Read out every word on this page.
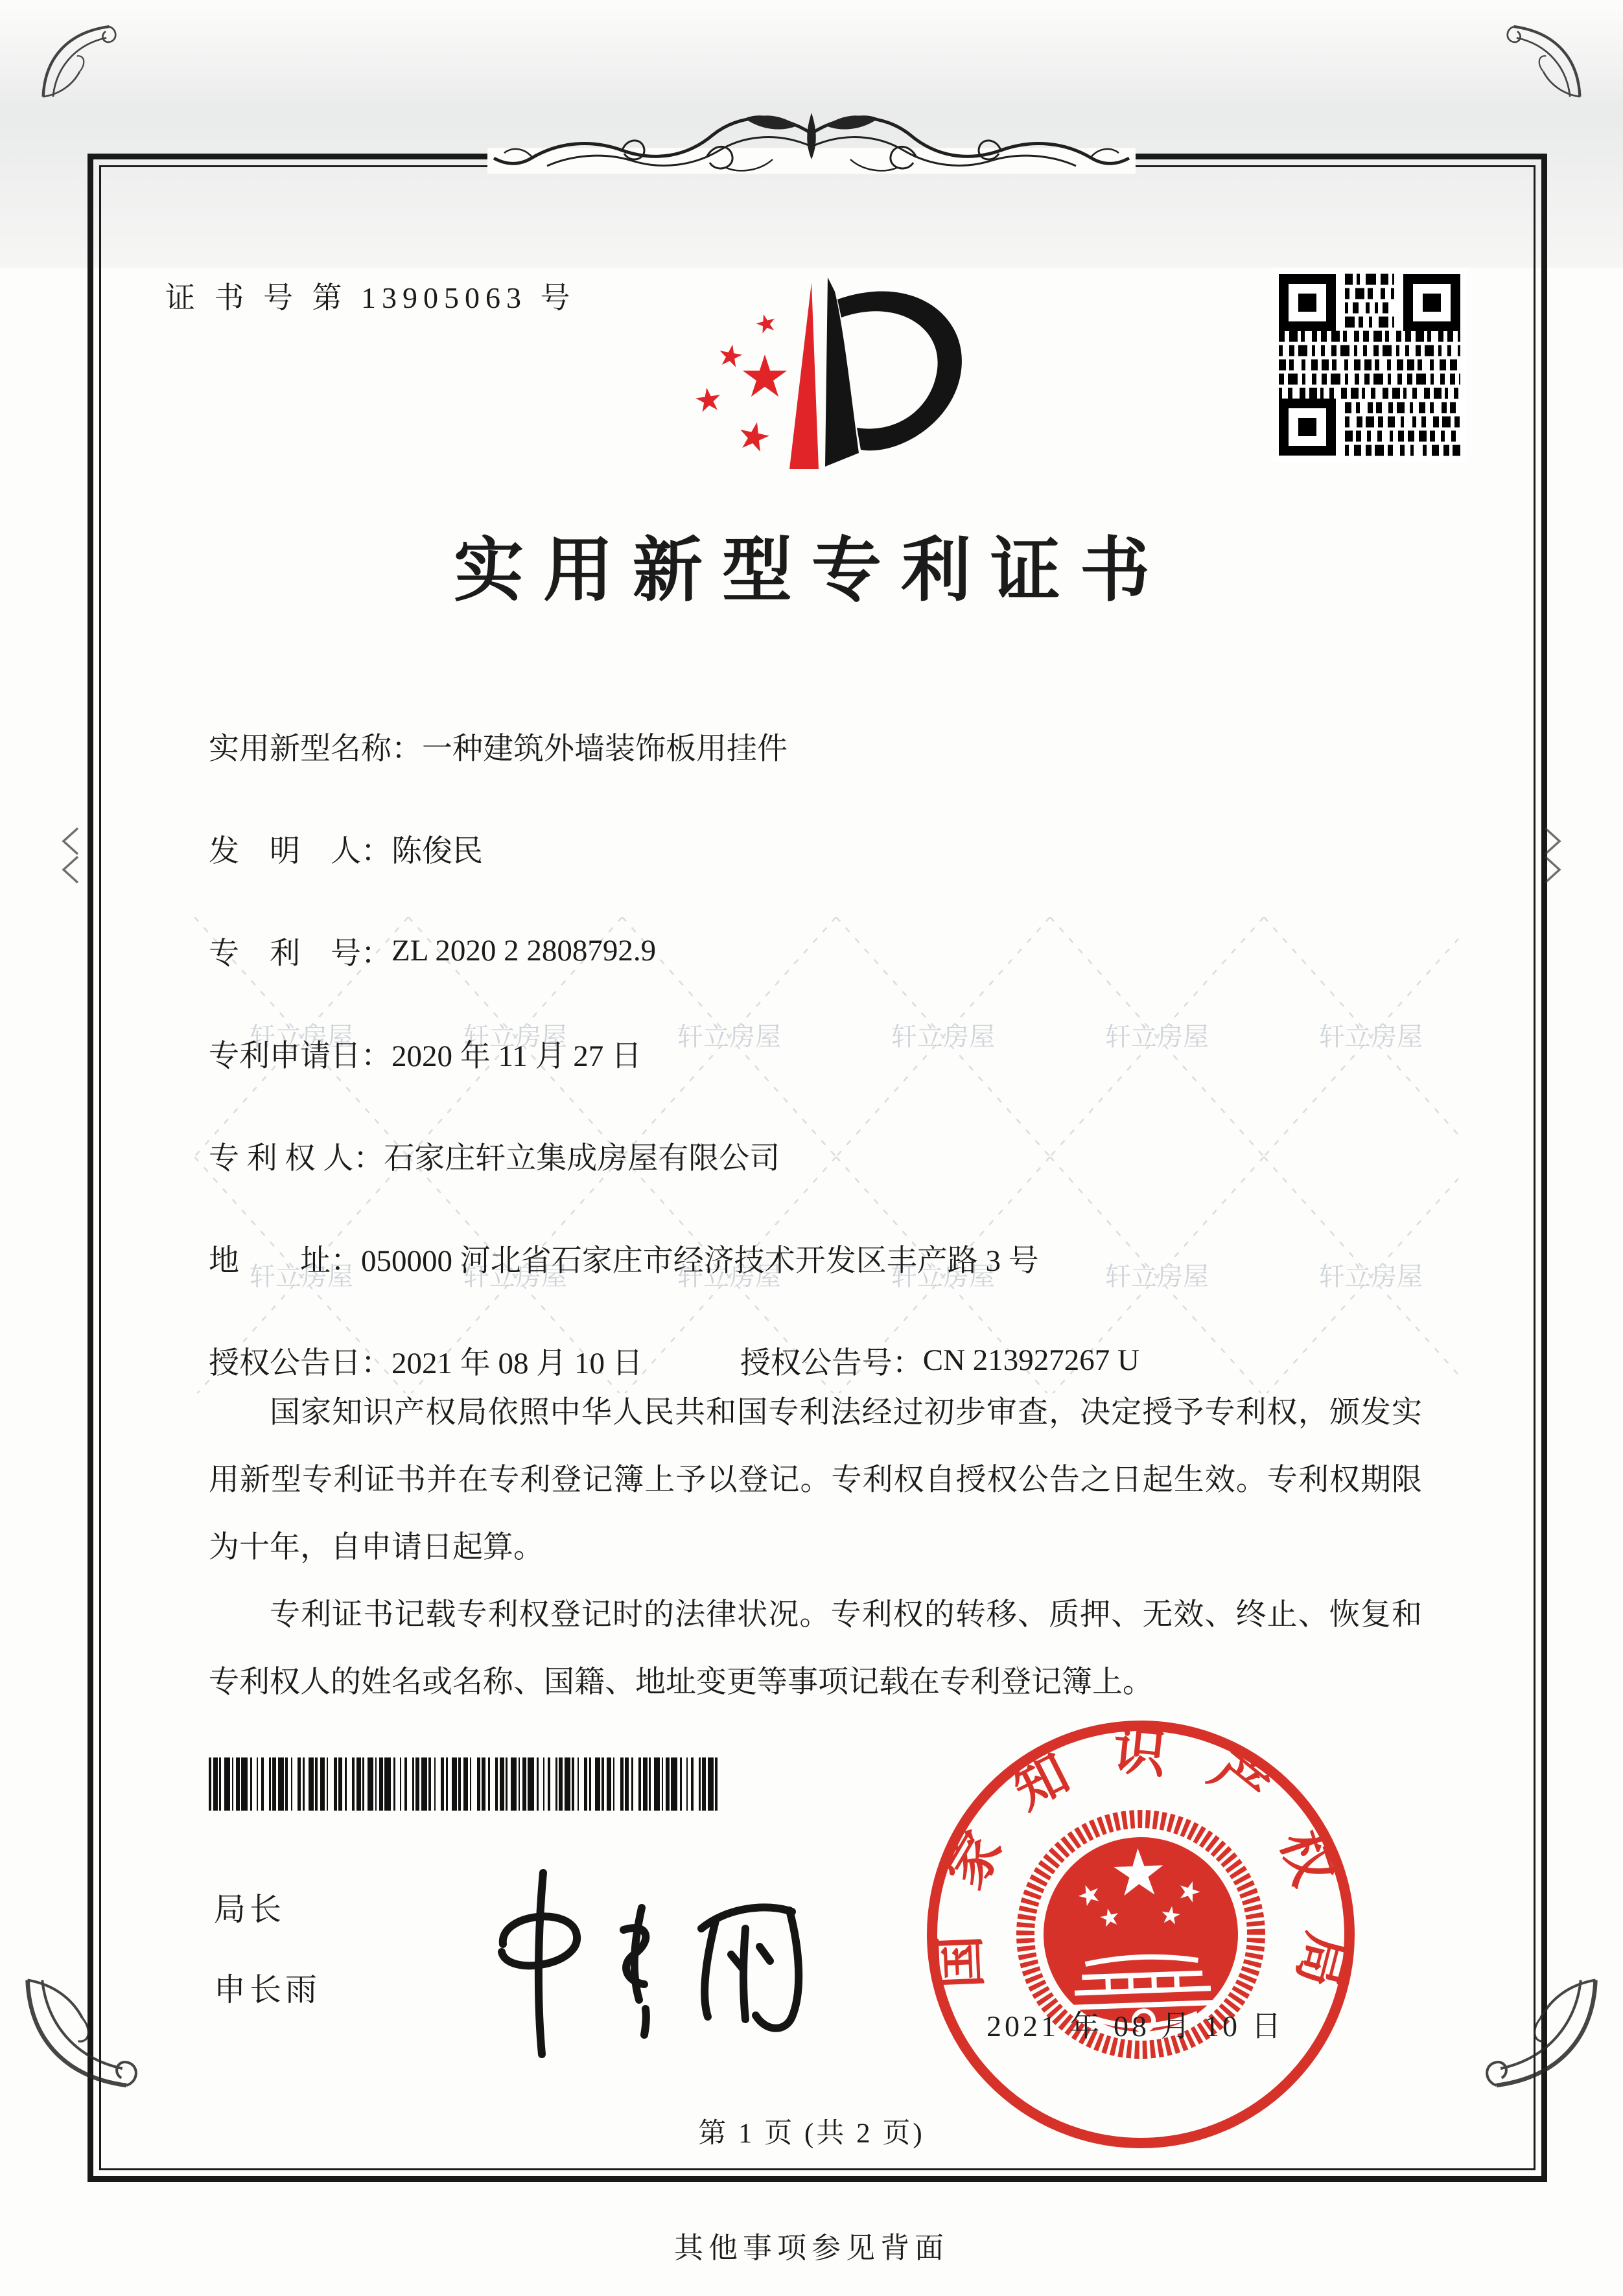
证 书 号 第 13905063 号
实用新型专利证书
实用新型名称： 一种建筑外墙装饰板用挂件
发　明　人： 陈俊民
专　利　号： ZL 2020 2 2808792.9
专利申请日： 2020 年 11 月 27 日
专 利 权 人： 石家庄轩立集成房屋有限公司
地　　址： 050000 河北省石家庄市经济技术开发区丰产路 3 号
授权公告日： 2021 年 08 月 10 日	授权公告号： CN 213927267 U

国家知识产权局依照中华人民共和国专利法经过初步审查，决定授予专利权，颁发实用新型专利证书并在专利登记簿上予以登记。专利权自授权公告之日起生效。专利权期限为十年，自申请日起算。

专利证书记载专利权登记时的法律状况。专利权的转移、质押、无效、终止、恢复和专利权人的姓名或名称、国籍、地址变更等事项记载在专利登记簿上。

局长
申长雨
国家知识产权局
2021 年 08 月 10 日
第 1 页 (共 2 页)
其他事项参见背面
